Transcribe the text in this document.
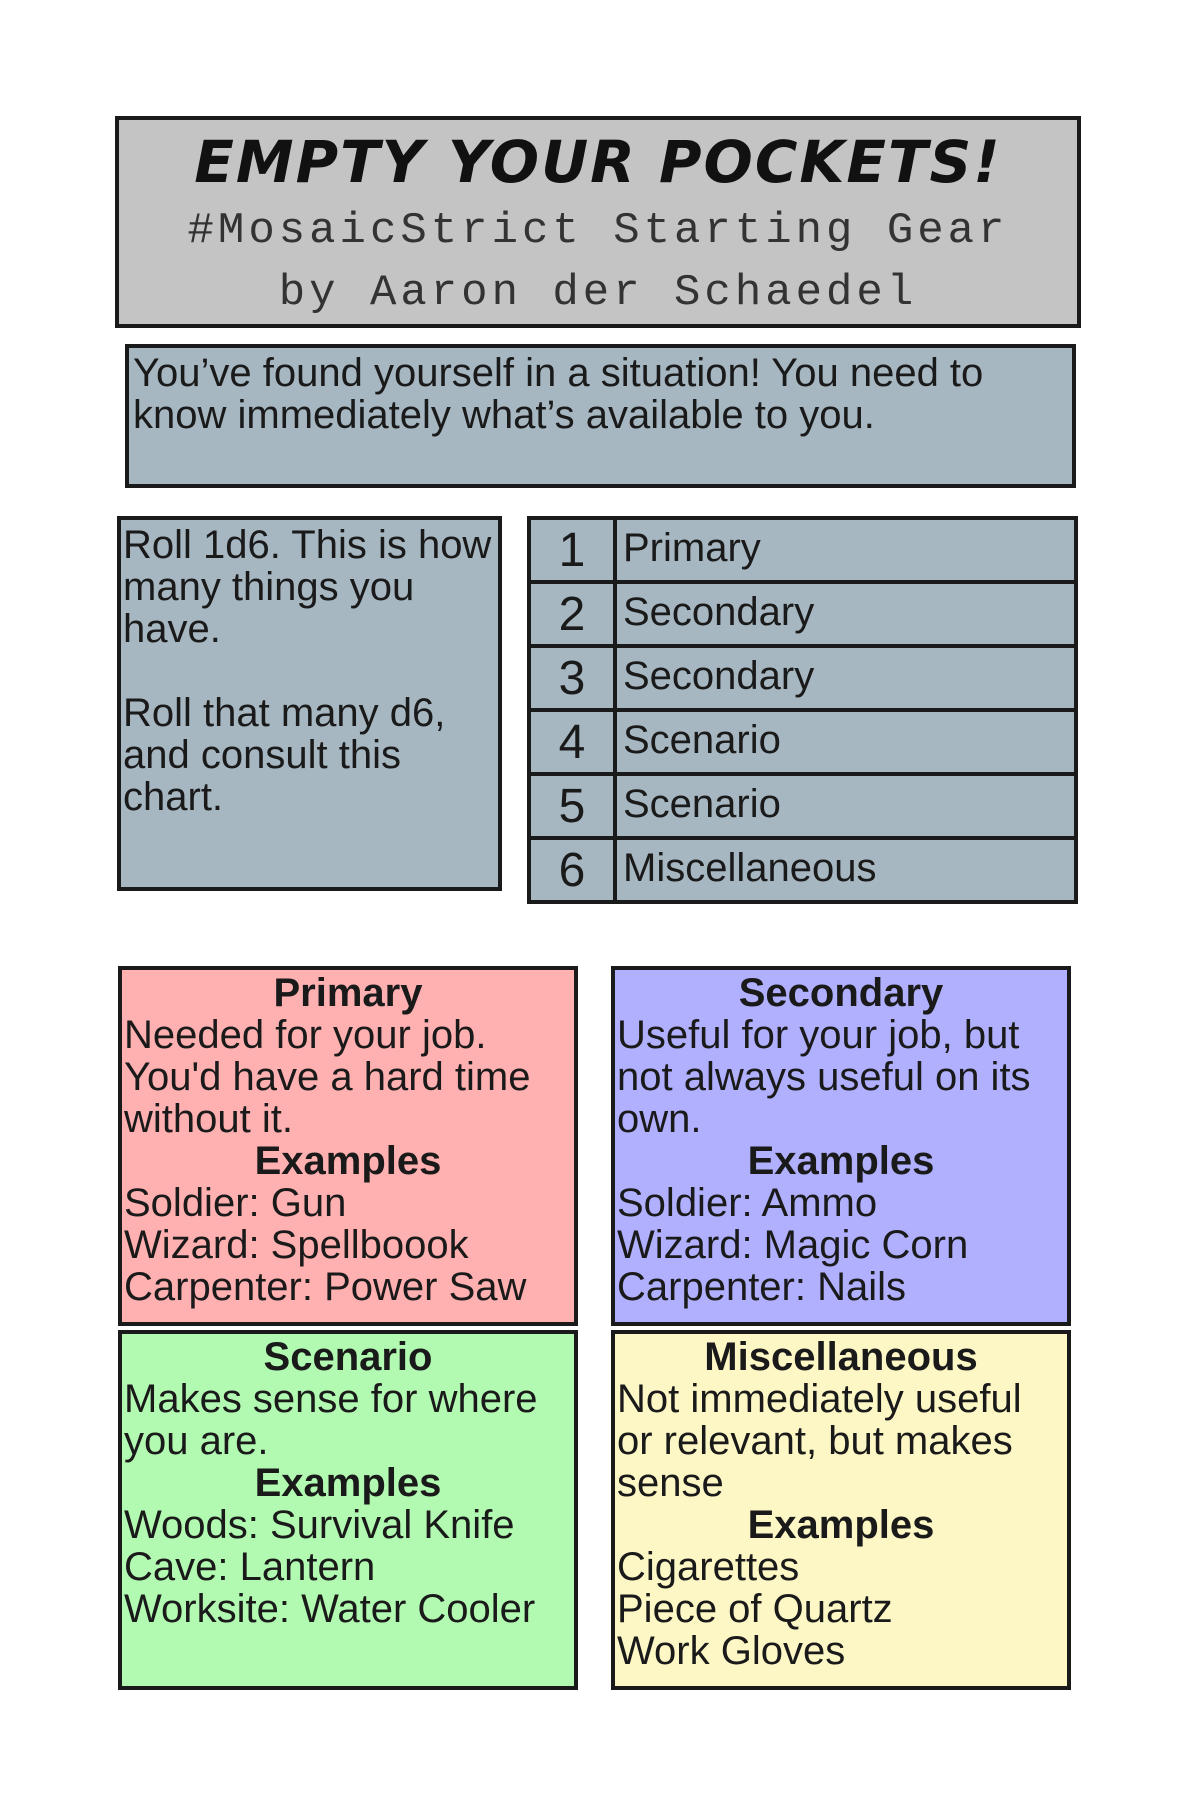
EMPTY YOUR POCKETS!
#MosaicStrict Starting Gear
by Aaron der Schaedel
You’ve found yourself in a situation! You need to know immediately what’s available to you.

Roll 1d6. This is how many things you have.

Roll that many d6, and consult this chart.

1	Primary
2	Secondary
3	Secondary
4	Scenario
5	Scenario
6	Miscellaneous
Primary
Needed for your job. You'd have a hard time without it.
Examples
Soldier: Gun
Wizard: Spellboook
Carpenter: Power Saw
Secondary
Useful for your job, but not always useful on its own.
Examples
Soldier: Ammo
Wizard: Magic Corn
Carpenter: Nails
Scenario
Makes sense for where you are.
Examples
Woods: Survival Knife
Cave: Lantern
Worksite: Water Cooler
Miscellaneous
Not immediately useful or relevant, but makes sense
Examples
Cigarettes
Piece of Quartz
Work Gloves
